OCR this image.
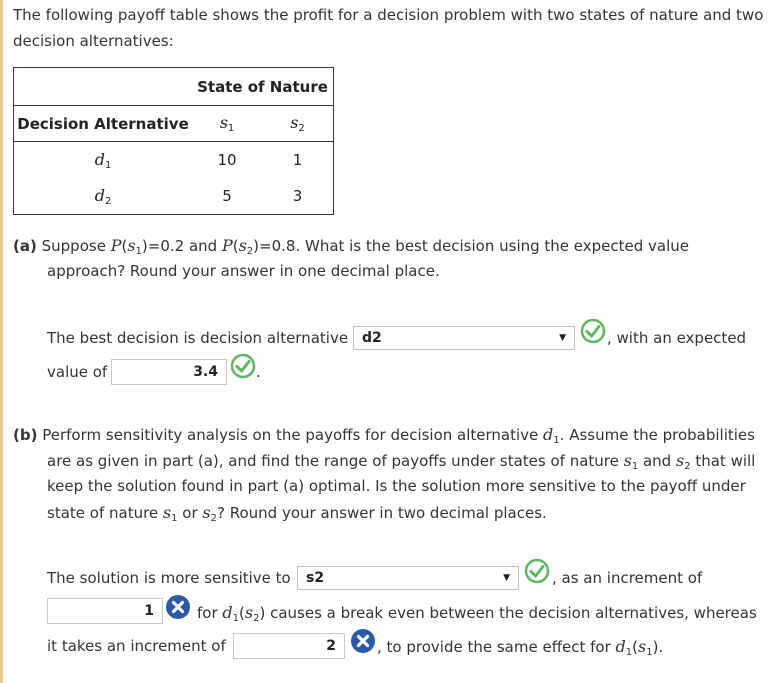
The following payoff table shows the profit for a decision problem with two states of nature and two
decision alternatives:
	State of Nature	
Decision Alternative	$s_1$	$s_2$
$d_1$	10	1
$d_2$	5	3
(a) Suppose $P(s_1)=0.2$ and $P(s_2)=0.8$. What is the best decision using the expected value
approach? Round your answer in one decimal place.
The best decision is decision alternative d2	▼	, with an expected
value of	3.4	.
(b) Perform sensitivity analysis on the payoffs for decision alternative $d_1$. Assume the probabilities
are as given in part (a), and find the range of payoffs under states of nature $s_1$ and $s_2$ that will
keep the solution found in part (a) optimal. Is the solution more sensitive to the payoff under
state of nature $s_1$ or $s_2$? Round your answer in two decimal places.
The solution is more sensitive to s2	▼	, as an increment of
1	for $d_1(s_2)$ causes a break even between the decision alternatives, whereas
it takes an increment of	2	, to provide the same effect for $d_1(s_1)$.
